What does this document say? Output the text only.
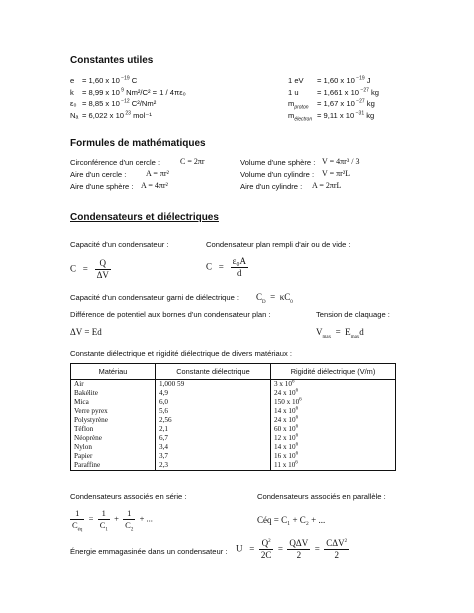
Constantes utiles
e = 1,60 x 10 $^{-19}$ C
k = 8,99 x 10 $^9$ Nm²/C² = 1 / 4πε₀
ε₀ = 8,85 x 10 $^{-12}$ C²/Nm²
Nₐ = 6,022 x 10 $^{23}$ mol⁻¹
1 eV = 1,60 x 10 $^{-19}$ J
1 u = 1,661 x 10 $^{-27}$ kg
$m_{proton} = 1,67$ x 10 $^{-27}$ kg
$m_{électron} = 9,11$ x 10 $^{-31}$ kg
Formules de mathématiques
Circonférence d'un cercle : C = 2πr
Aire d'un cercle : A = πr²
Aire d'une sphère : A = 4πr²
Volume d'une sphère : V = 4πr³ / 3
Volume d'un cylindre : V = πr²L
Aire d'un cylindre : A = 2πrL
Condensateurs et diélectriques
Capacité d'un condensateur :	Condensateur plan rempli d'air ou de vide :
$C = \frac{Q}{\Delta V}$	$C = \frac{\text{ε₀A}}{d}$
Capacité d'un condensateur garni de diélectrique : $C_D = \kappa C_0$
Différence de potentiel aux bornes d'un condensateur plan :	Tension de claquage :
ΔV = Ed	$V_{max} = E_{max}d$
Constante diélectrique et rigidité diélectrique de divers matériaux :
Matériau	Constante diélectrique	Rigidité diélectrique (V/m)
Air	1,000 59	3 x $10^6$
Bakélite	4,9	24 x $10^6$
Mica	6,0	150 x $10^6$
Verre pyrex	5,6	14 x $10^6$
Polystyrène	2,56	24 x $10^6$
Téflon	2,1	60 x $10^6$
Néoprène	6,7	12 x $10^6$
Nylon	3,4	14 x $10^6$
Papier	3,7	16 x $10^6$
Paraffine	2,3	11 x $10^6$
Condensateurs associés en série :	Condensateurs associés en parallèle :
$\frac{1}{C_{éq}} = \frac{1}{C_1} + \frac{1}{C_2}$ + ...	Céq = C₁ + C₂ + ...
Énergie emmagasinée dans un condensateur : $U = \frac{Q^2}{2C} = \frac{\text{QΔV}}{2} = \frac{C\Delta V^2}{2}$
